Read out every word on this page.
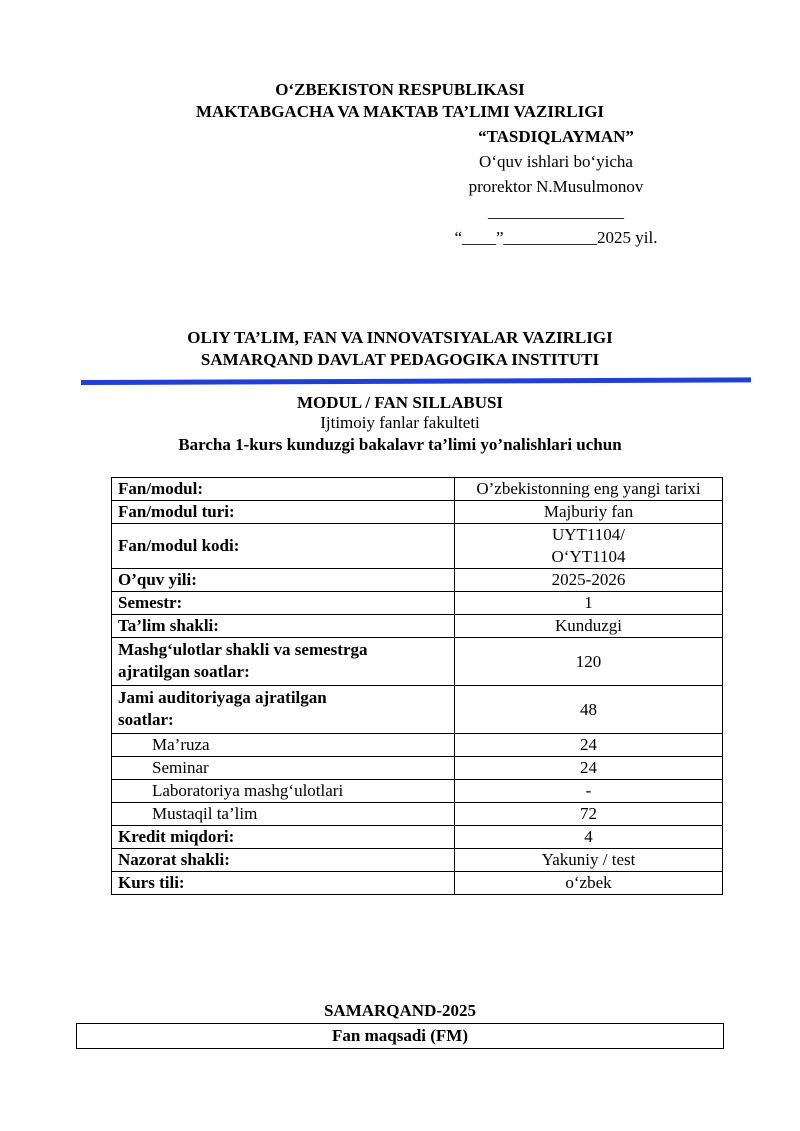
O‘ZBEKISTON RESPUBLIKASI
MAKTABGACHA VA MAKTAB TA’LIMI VAZIRLIGI
“TASDIQLAYMAN”
O‘quv ishlari bo‘yicha
prorektor N.Musulmonov
________________
“____”___________2025 yil.
OLIY TA’LIM, FAN VA INNOVATSIYALAR VAZIRLIGI
SAMARQAND DAVLAT PEDAGOGIKA INSTITUTI
MODUL / FAN SILLABUSI
Ijtimoiy fanlar fakulteti
Barcha 1-kurs kunduzgi bakalavr ta’limi yo’nalishlari uchun
Fan/modul:	O’zbekistonning eng yangi tarixi
Fan/modul turi:	Majburiy fan
Fan/modul kodi:	UYT1104/
O‘YT1104

O’quv yili:	2025-2026
Semestr:	1
Ta’lim shakli:	Kunduzgi

Mashg‘ulotlar shakli va semestrga
ajratilgan soatlar:	120

Jami auditoriyaga ajratilgan
soatlar:	48
Ma’ruza	24
Seminar	24
Laboratoriya mashg‘ulotlari	-
Mustaqil ta’lim	72
Kredit miqdori:	4
Nazorat shakli:	Yakuniy / test
Kurs tili:	o‘zbek
SAMARQAND-2025
Fan maqsadi (FM)
